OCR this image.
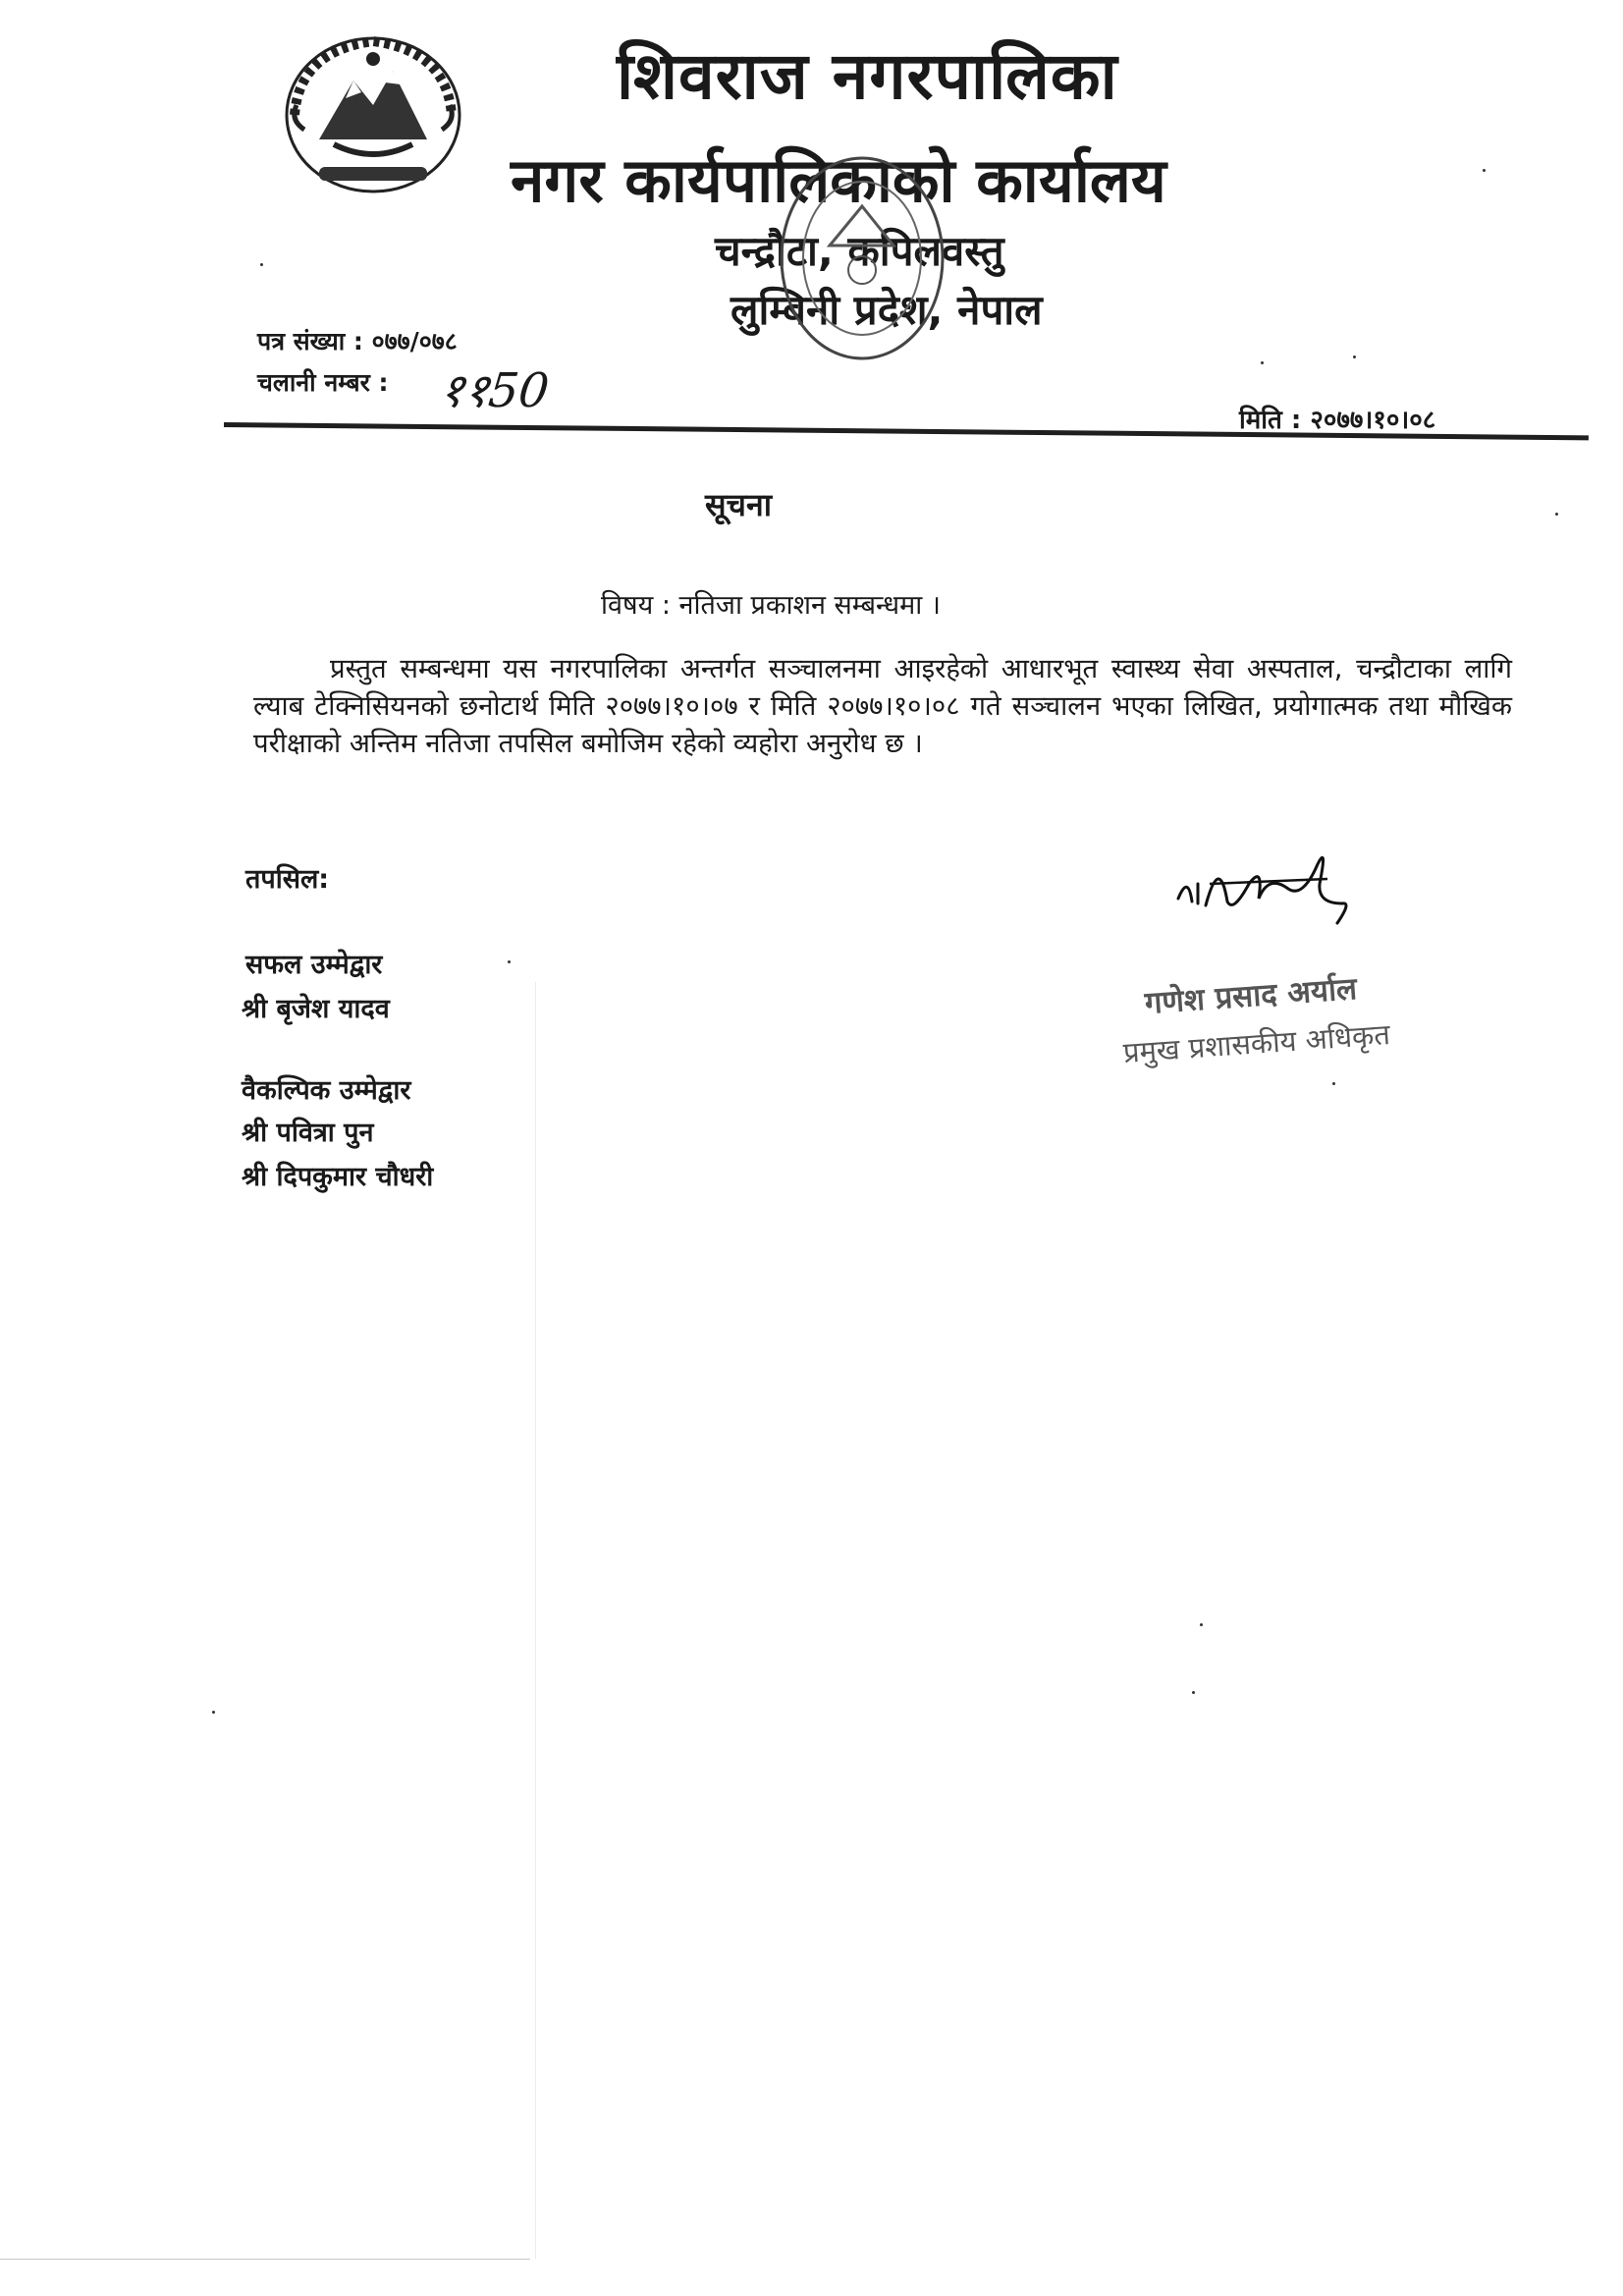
शिवराज नगरपालिका
नगर कार्यपालिकाको कार्यालय
चन्द्रौटा, कपिलवस्तु
लुम्बिनी प्रदेश, नेपाल
पत्र संख्या : ०७७/०७८
चलानी नम्बर : ११50
मिति : २०७७।१०।०८
सूचना
विषय : नतिजा प्रकाशन सम्बन्धमा ।
प्रस्तुत सम्बन्धमा यस नगरपालिका अन्तर्गत सञ्चालनमा आइरहेको आधारभूत स्वास्थ्य सेवा अस्पताल, चन्द्रौटाका लागि ल्याब टेक्निसियनको छनोटार्थ मिति २०७७।१०।०७ र मिति २०७७।१०।०८ गते सञ्चालन भएका लिखित, प्रयोगात्मक तथा मौखिक परीक्षाको अन्तिम नतिजा तपसिल बमोजिम रहेको व्यहोरा अनुरोध छ ।
तपसिल:
सफल उम्मेद्वार
श्री बृजेश यादव
वैकल्पिक उम्मेद्वार
श्री पवित्रा पुन
श्री दिपकुमार चौधरी
गणेश प्रसाद अर्याल
प्रमुख प्रशासकीय अधिकृत
